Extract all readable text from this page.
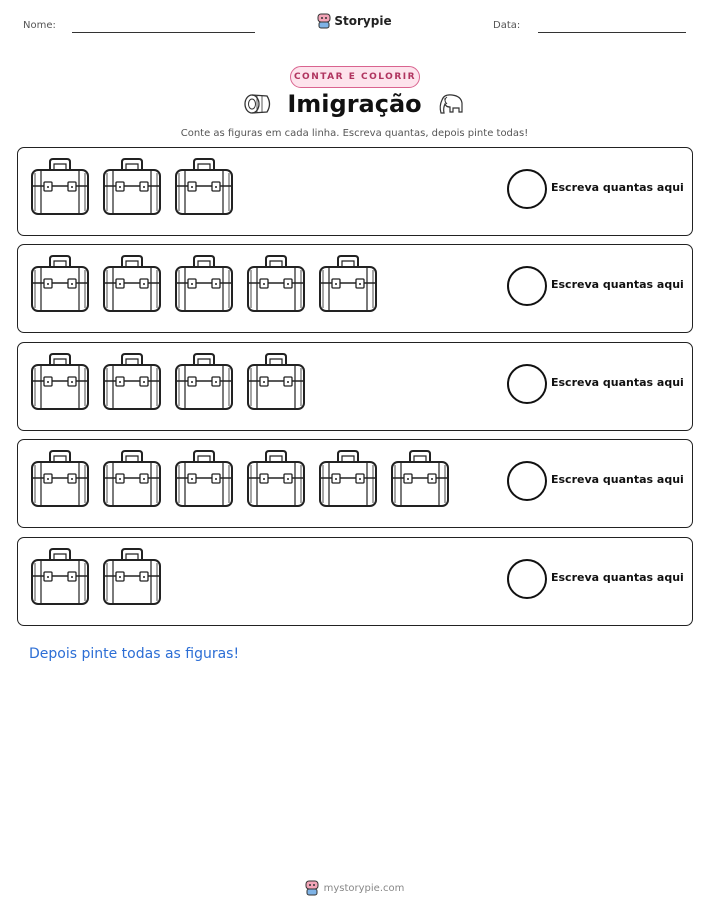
Nome:	Storypie	Data:
CONTAR E COLORIR
Imigração
Conte as figuras em cada linha. Escreva quantas, depois pinte todas!
Escreva quantas aqui
Escreva quantas aqui
Escreva quantas aqui
Escreva quantas aqui
Escreva quantas aqui
Depois pinte todas as figuras!
mystorypie.com
